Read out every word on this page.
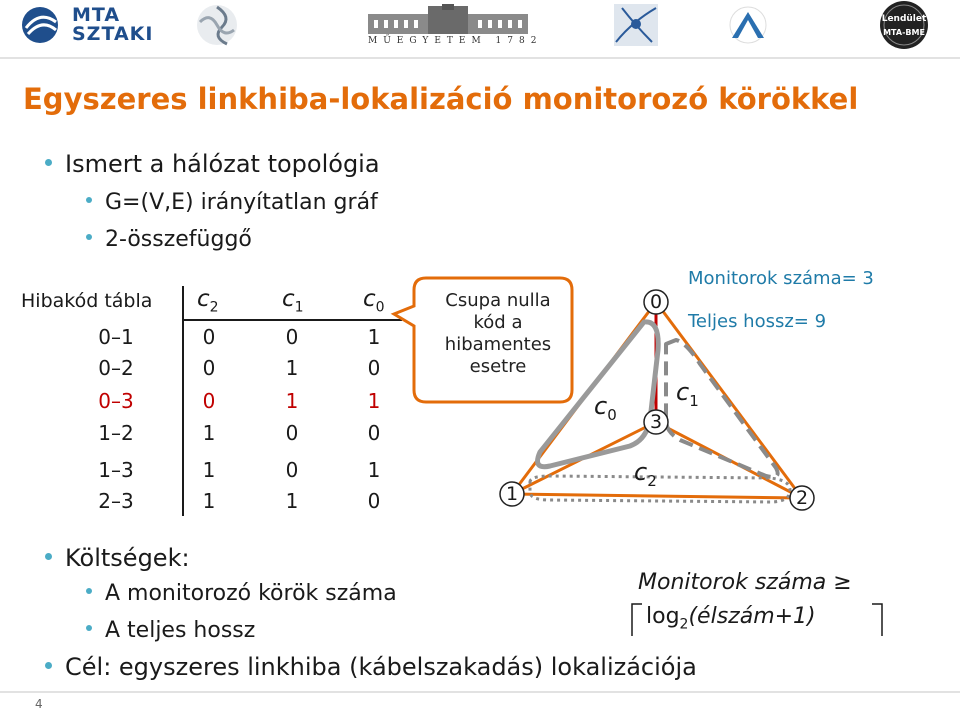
MTA
SZTAKI	MŰEGYETEM 1782
Lendület
MTA-BME
Egyszeres linkhiba-lokalizáció monitorozó körökkel
Ismert a hálózat topológia
G=(V,E) irányítatlan gráf
2-összefüggő
Hibakód tábla $c_2$	$c_1$	$c_0$
0–1	0	0	1
0–2	0	1	0
0–3	0	1	1
1–2	1	0	0
1–3	1	0	1
2–3	1	1	0
Csupa nulla
kód a
hibamentes
esetre
0
1	2
3
$c_0$
$c_1$
$c_2$
Monitorok száma= 3
Teljes hossz= 9
Költségek:
A monitorozó körök száma
A teljes hossz
Cél: egyszeres linkhiba (kábelszakadás) lokalizációja
Monitorok száma ≥
$\log_2(élszám+1)$
4
